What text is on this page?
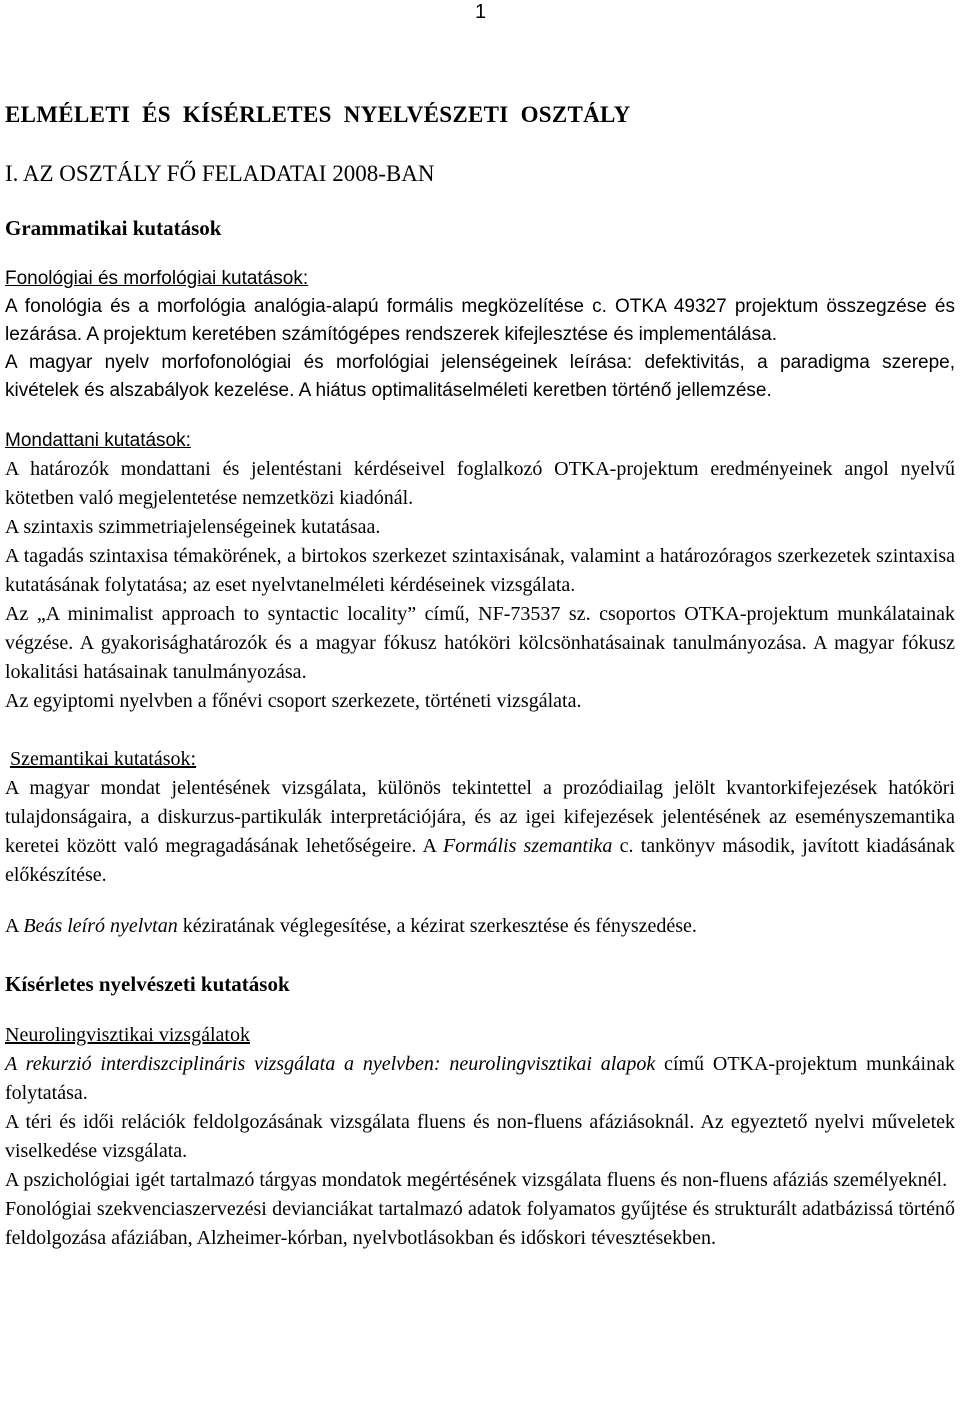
1
ELMÉLETI ÉS KÍSÉRLETES NYELVÉSZETI OSZTÁLY
I. AZ OSZTÁLY FŐ FELADATAI 2008-BAN
Grammatikai kutatások
Fonológiai és morfológiai kutatások:

A fonológia és a morfológia analógia-alapú formális megközelítése c. OTKA 49327 projektum összegzése és lezárása. A projektum keretében számítógépes rendszerek kifejlesztése és implementálása.

A magyar nyelv morfofonológiai és morfológiai jelenségeinek leírása: defektivitás, a paradigma szerepe, kivételek és alszabályok kezelése. A hiátus optimalitáselméleti keretben történő jellemzése.

Mondattani kutatások:

A határozók mondattani és jelentéstani kérdéseivel foglalkozó OTKA-projektum eredményeinek angol nyelvű kötetben való megjelentetése nemzetközi kiadónál.

A szintaxis szimmetriajelenségeinek kutatásaa.

A tagadás szintaxisa témakörének, a birtokos szerkezet szintaxisának, valamint a határozóragos szerkezetek szintaxisa kutatásának folytatása; az eset nyelvtanelméleti kérdéseinek vizsgálata.

Az „A minimalist approach to syntactic locality” című, NF-73537 sz. csoportos OTKA-projektum munkálatainak végzése. A gyakorisághatározók és a magyar fókusz hatóköri kölcsönhatásainak tanulmányozása. A magyar fókusz lokalitási hatásainak tanulmányozása.

Az egyiptomi nyelvben a főnévi csoport szerkezete, történeti vizsgálata.

Szemantikai kutatások:

A magyar mondat jelentésének vizsgálata, különös tekintettel a prozódiailag jelölt kvantorkifejezések hatóköri tulajdonságaira, a diskurzus-partikulák interpretációjára, és az igei kifejezések jelentésének az eseményszemantika keretei között való megragadásának lehetőségeire. A Formális szemantika c. tankönyv második, javított kiadásának előkészítése.

A Beás leíró nyelvtan kéziratának véglegesítése, a kézirat szerkesztése és fényszedése.

Kísérletes nyelvészeti kutatások
Neurolingvisztikai vizsgálatok

A rekurzió interdiszciplináris vizsgálata a nyelvben: neurolingvisztikai alapok című OTKA-projektum munkáinak folytatása.

A téri és idői relációk feldolgozásának vizsgálata fluens és non-fluens afáziásoknál. Az egyeztető nyelvi műveletek viselkedése vizsgálata.

A pszichológiai igét tartalmazó tárgyas mondatok megértésének vizsgálata fluens és non-fluens afáziás személyeknél.

Fonológiai szekvenciaszervezési devianciákat tartalmazó adatok folyamatos gyűjtése és strukturált adatbázissá történő feldolgozása afáziában, Alzheimer-kórban, nyelvbotlásokban és időskori tévesztésekben.
